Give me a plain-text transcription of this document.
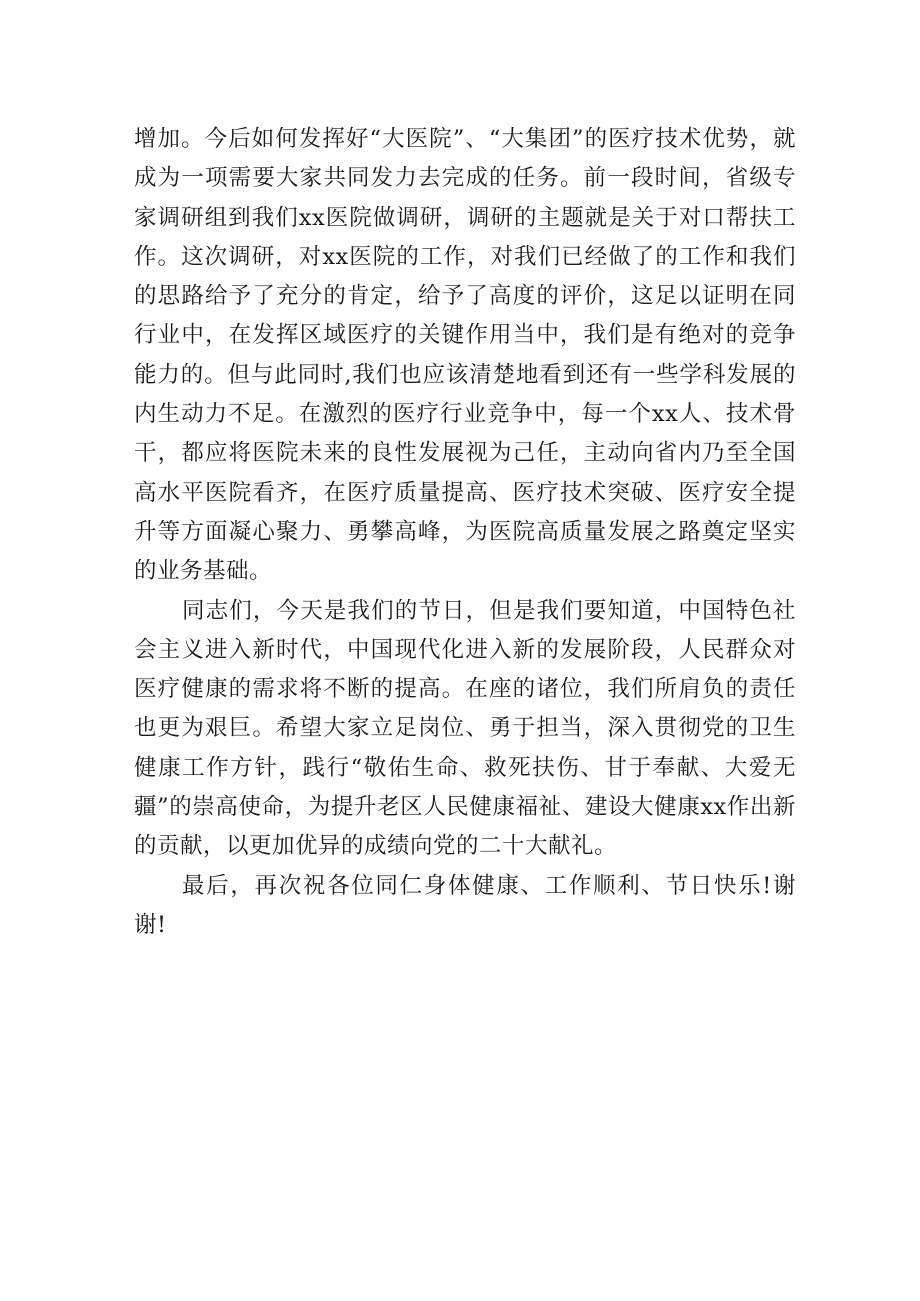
增加。今后如何发挥好“大医院”、“大集团”的医疗技术优势，就成为一项需要大家共同发力去完成的任务。前一段时间，省级专家调研组到我们xx医院做调研，调研的主题就是关于对口帮扶工作。这次调研，对xx医院的工作，对我们已经做了的工作和我们的思路给予了充分的肯定，给予了高度的评价，这足以证明在同行业中，在发挥区域医疗的关键作用当中，我们是有绝对的竞争能力的。但与此同时,我们也应该清楚地看到还有一些学科发展的内生动力不足。在激烈的医疗行业竞争中，每一个xx人、技术骨干，都应将医院未来的良性发展视为己任，主动向省内乃至全国高水平医院看齐，在医疗质量提高、医疗技术突破、医疗安全提升等方面凝心聚力、勇攀高峰，为医院高质量发展之路奠定坚实的业务基础。

同志们，今天是我们的节日，但是我们要知道，中国特色社会主义进入新时代，中国现代化进入新的发展阶段，人民群众对医疗健康的需求将不断的提高。在座的诸位，我们所肩负的责任也更为艰巨。希望大家立足岗位、勇于担当，深入贯彻党的卫生健康工作方针，践行“敬佑生命、救死扶伤、甘于奉献、大爱无疆”的崇高使命，为提升老区人民健康福祉、建设大健康xx作出新的贡献，以更加优异的成绩向党的二十大献礼。

最后，再次祝各位同仁身体健康、工作顺利、节日快乐!谢谢!
